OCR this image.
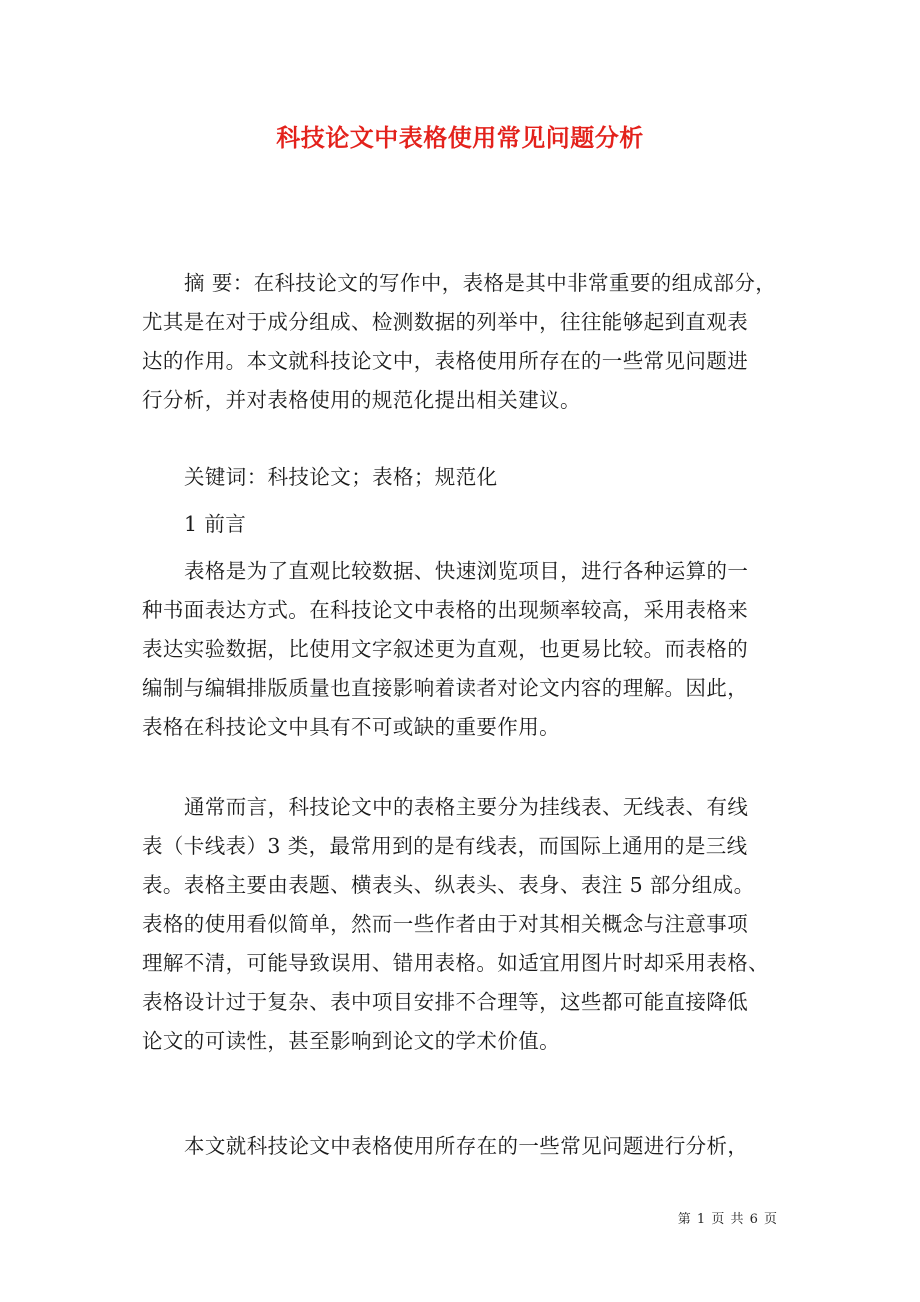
科技论文中表格使用常见问题分析
摘 要：在科技论文的写作中，表格是其中非常重要的组成部分，
尤其是在对于成分组成、检测数据的列举中，往往能够起到直观表
达的作用。本文就科技论文中，表格使用所存在的一些常见问题进
行分析，并对表格使用的规范化提出相关建议。
关键词：科技论文；表格；规范化
1 前言
表格是为了直观比较数据、快速浏览项目，进行各种运算的一
种书面表达方式。在科技论文中表格的出现频率较高，采用表格来
表达实验数据，比使用文字叙述更为直观，也更易比较。而表格的
编制与编辑排版质量也直接影响着读者对论文内容的理解。因此，
表格在科技论文中具有不可或缺的重要作用。
通常而言，科技论文中的表格主要分为挂线表、无线表、有线
表（卡线表）3 类，最常用到的是有线表，而国际上通用的是三线
表。表格主要由表题、横表头、纵表头、表身、表注 5 部分组成。
表格的使用看似简单，然而一些作者由于对其相关概念与注意事项
理解不清，可能导致误用、错用表格。如适宜用图片时却采用表格、
表格设计过于复杂、表中项目安排不合理等，这些都可能直接降低
论文的可读性，甚至影响到论文的学术价值。
本文就科技论文中表格使用所存在的一些常见问题进行分析，
第 1 页 共 6 页
